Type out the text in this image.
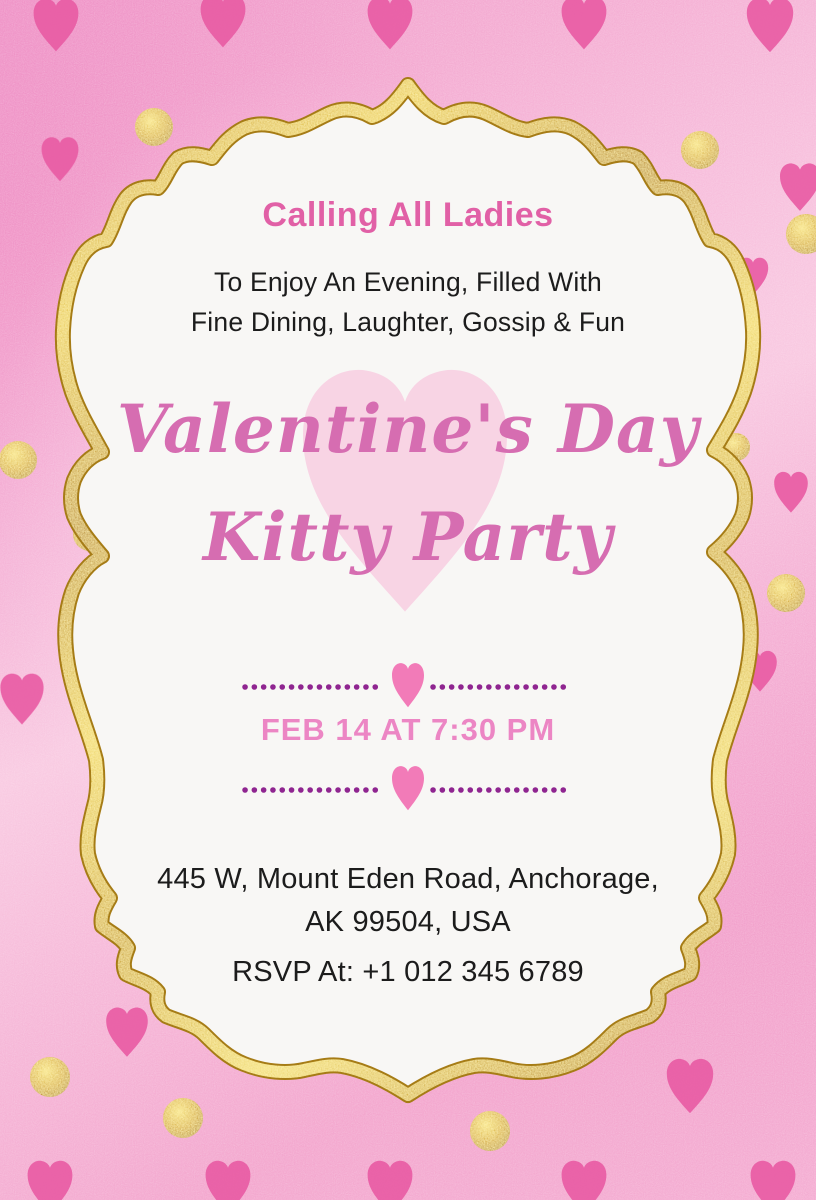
Calling All Ladies
To Enjoy An Evening, Filled With
Fine Dining, Laughter, Gossip & Fun
Valentine's Day
Kitty Party
FEB 14 AT 7:30 PM
445 W, Mount Eden Road, Anchorage,
AK 99504, USA
RSVP At: +1 012 345 6789
